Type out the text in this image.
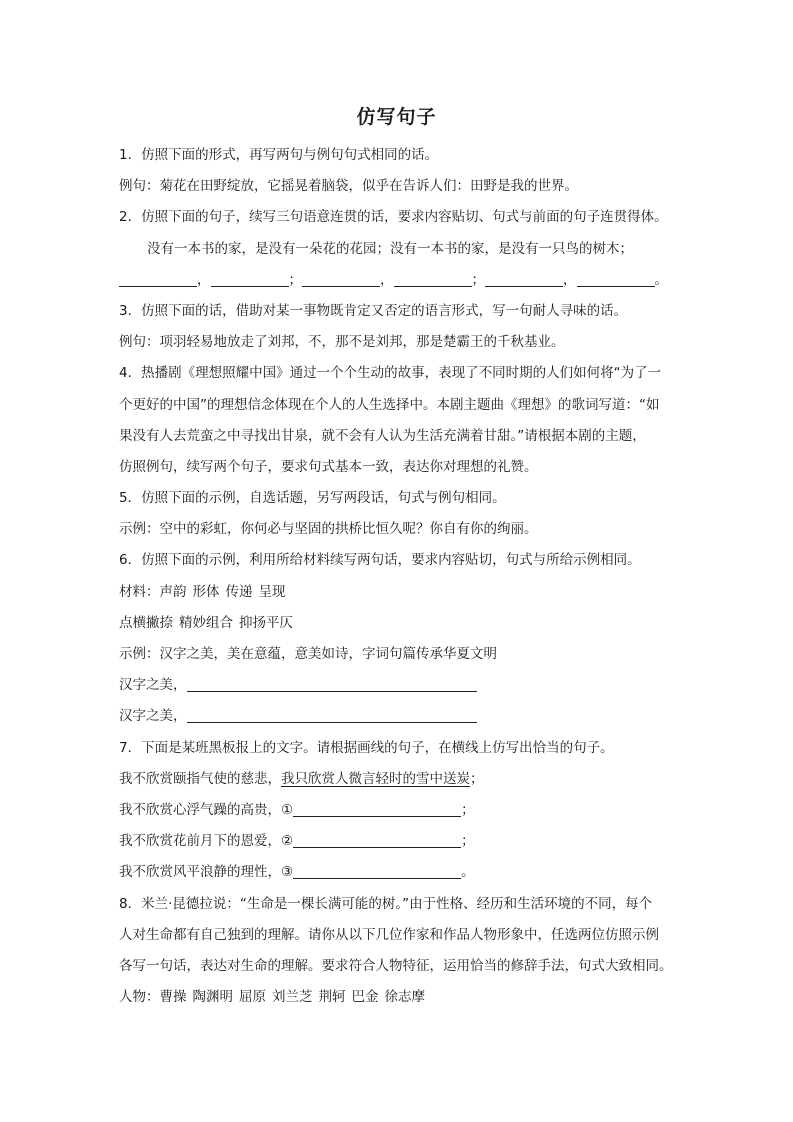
仿写句子
1．仿照下面的形式，再写两句与例句句式相同的话。
例句：菊花在田野绽放，它摇晃着脑袋，似乎在告诉人们：田野是我的世界。
2．仿照下面的句子，续写三句语意连贯的话，要求内容贴切、句式与前面的句子连贯得体。
没有一本书的家，是没有一朵花的花园；没有一本书的家，是没有一只鸟的树木；
，	；	，	；	，	。
3．仿照下面的话，借助对某一事物既肯定又否定的语言形式，写一句耐人寻味的话。
例句：项羽轻易地放走了刘邦，不，那不是刘邦，那是楚霸王的千秋基业。
4．热播剧《理想照耀中国》通过一个个生动的故事，表现了不同时期的人们如何将“为了一
个更好的中国”的理想信念体现在个人的人生选择中。本剧主题曲《理想》的歌词写道：“如
果没有人去荒蛮之中寻找出甘泉，就不会有人认为生活充满着甘甜。”请根据本剧的主题，
仿照例句，续写两个句子，要求句式基本一致，表达你对理想的礼赞。
5．仿照下面的示例，自选话题，另写两段话，句式与例句相同。
示例：空中的彩虹，你何必与坚固的拱桥比恒久呢？你自有你的绚丽。
6．仿照下面的示例，利用所给材料续写两句话，要求内容贴切，句式与所给示例相同。
材料：声韵 形体 传递 呈现
点横撇捺 精妙组合 抑扬平仄
示例：汉字之美，美在意蕴，意美如诗，字词句篇传承华夏文明
汉字之美，
汉字之美，
7．下面是某班黑板报上的文字。请根据画线的句子，在横线上仿写出恰当的句子。
我不欣赏颐指气使的慈悲，我只欣赏人微言轻时的雪中送炭；
我不欣赏心浮气躁的高贵，①	；
我不欣赏花前月下的恩爱，②	；
我不欣赏风平浪静的理性，③	。
8．米兰·昆德拉说：“生命是一棵长满可能的树。”由于性格、经历和生活环境的不同，每个
人对生命都有自己独到的理解。请你从以下几位作家和作品人物形象中，任选两位仿照示例
各写一句话，表达对生命的理解。要求符合人物特征，运用恰当的修辞手法，句式大致相同。
人物：曹操 陶渊明 屈原 刘兰芝 荆轲 巴金 徐志摩
